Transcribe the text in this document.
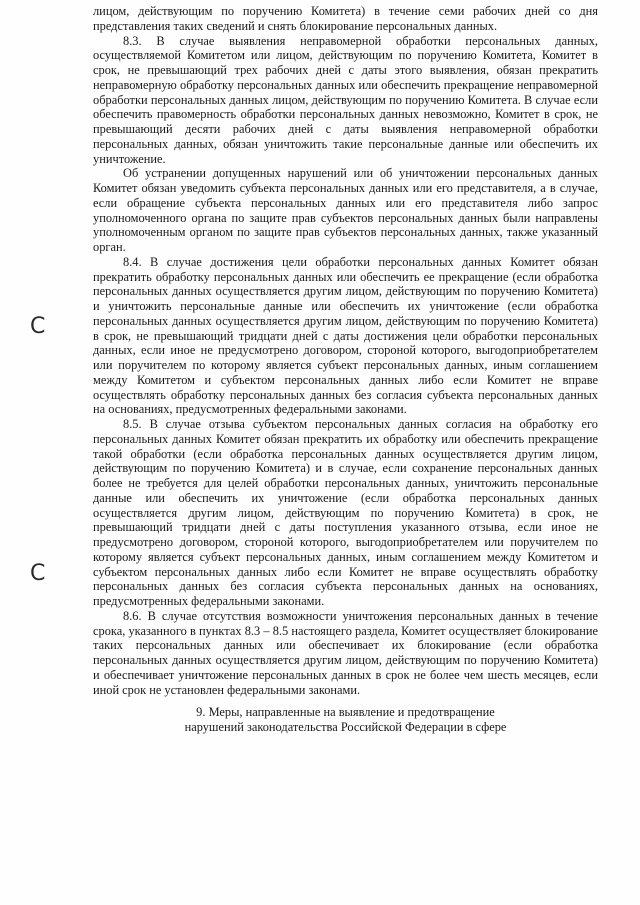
C
C

лицом, действующим по поручению Комитета) в течение семи рабочих дней со дня представления таких сведений и снять блокирование персональных данных.

8.3. В случае выявления неправомерной обработки персональных данных, осуществляемой Комитетом или лицом, действующим по поручению Комитета, Комитет в срок, не превышающий трех рабочих дней с даты этого выявления, обязан прекратить неправомерную обработку персональных данных или обеспечить прекращение неправомерной обработки персональных данных лицом, действующим по поручению Комитета. В случае если обеспечить правомерность обработки персональных данных невозможно, Комитет в срок, не превышающий десяти рабочих дней с даты выявления неправомерной обработки персональных данных, обязан уничтожить такие персональные данные или обеспечить их уничтожение.

Об устранении допущенных нарушений или об уничтожении персональных данных Комитет обязан уведомить субъекта персональных данных или его представителя, а в случае, если обращение субъекта персональных данных или его представителя либо запрос уполномоченного органа по защите прав субъектов персональных данных были направлены уполномоченным органом по защите прав субъектов персональных данных, также указанный орган.

8.4. В случае достижения цели обработки персональных данных Комитет обязан прекратить обработку персональных данных или обеспечить ее прекращение (если обработка персональных данных осуществляется другим лицом, действующим по поручению Комитета) и уничтожить персональные данные или обеспечить их уничтожение (если обработка персональных данных осуществляется другим лицом, действующим по поручению Комитета) в срок, не превышающий тридцати дней с даты достижения цели обработки персональных данных, если иное не предусмотрено договором, стороной которого, выгодоприобретателем или поручителем по которому является субъект персональных данных, иным соглашением между Комитетом и субъектом персональных данных либо если Комитет не вправе осуществлять обработку персональных данных без согласия субъекта персональных данных на основаниях, предусмотренных федеральными законами.

8.5. В случае отзыва субъектом персональных данных согласия на обработку его персональных данных Комитет обязан прекратить их обработку или обеспечить прекращение такой обработки (если обработка персональных данных осуществляется другим лицом, действующим по поручению Комитета) и в случае, если сохранение персональных данных более не требуется для целей обработки персональных данных, уничтожить персональные данные или обеспечить их уничтожение (если обработка персональных данных осуществляется другим лицом, действующим по поручению Комитета) в срок, не превышающий тридцати дней с даты поступления указанного отзыва, если иное не предусмотрено договором, стороной которого, выгодоприобретателем или поручителем по которому является субъект персональных данных, иным соглашением между Комитетом и субъектом персональных данных либо если Комитет не вправе осуществлять обработку персональных данных без согласия субъекта персональных данных на основаниях, предусмотренных федеральными законами.

8.6. В случае отсутствия возможности уничтожения персональных данных в течение срока, указанного в пунктах 8.3 – 8.5 настоящего раздела, Комитет осуществляет блокирование таких персональных данных или обеспечивает их блокирование (если обработка персональных данных осуществляется другим лицом, действующим по поручению Комитета) и обеспечивает уничтожение персональных данных в срок не более чем шесть месяцев, если иной срок не установлен федеральными законами.

9. Меры, направленные на выявление и предотвращение
нарушений законодательства Российской Федерации в сфере
